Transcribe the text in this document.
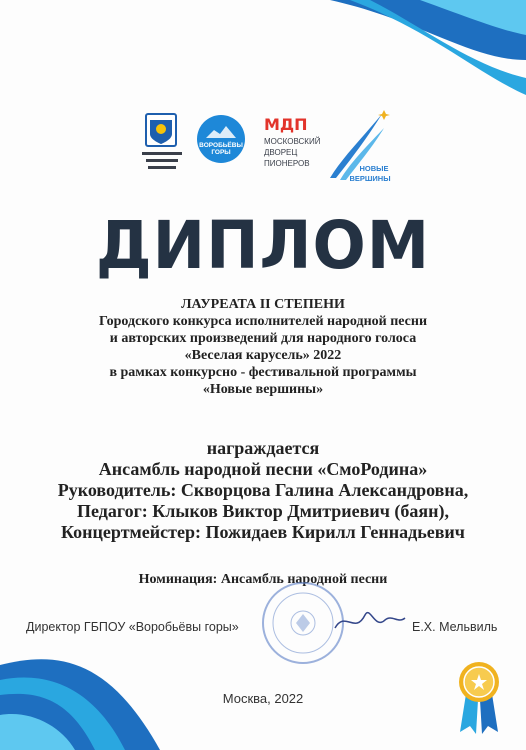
ВОРОБЬЁВЫ
ГОРЫ
МДП
МОСКОВСКИЙ
ДВОРЕЦ
ПИОНЕРОВ
НОВЫЕ
ВЕРШИНЫ
ДИПЛОМ
ЛАУРЕАТА II СТЕПЕНИ
Городского конкурса исполнителей народной песни
и авторских произведений для народного голоса
«Веселая карусель» 2022
в рамках конкурсно - фестивальной программы
«Новые вершины»
награждается
Ансамбль народной песни «СмоРодина»
Руководитель: Скворцова Галина Александровна,
Педагог: Клыков Виктор Дмитриевич (баян),
Концертмейстер: Пожидаев Кирилл Геннадьевич
Номинация: Ансамбль народной песни
Директор ГБПОУ «Воробьёвы горы»	Е.Х. Мельвиль
Москва, 2022
